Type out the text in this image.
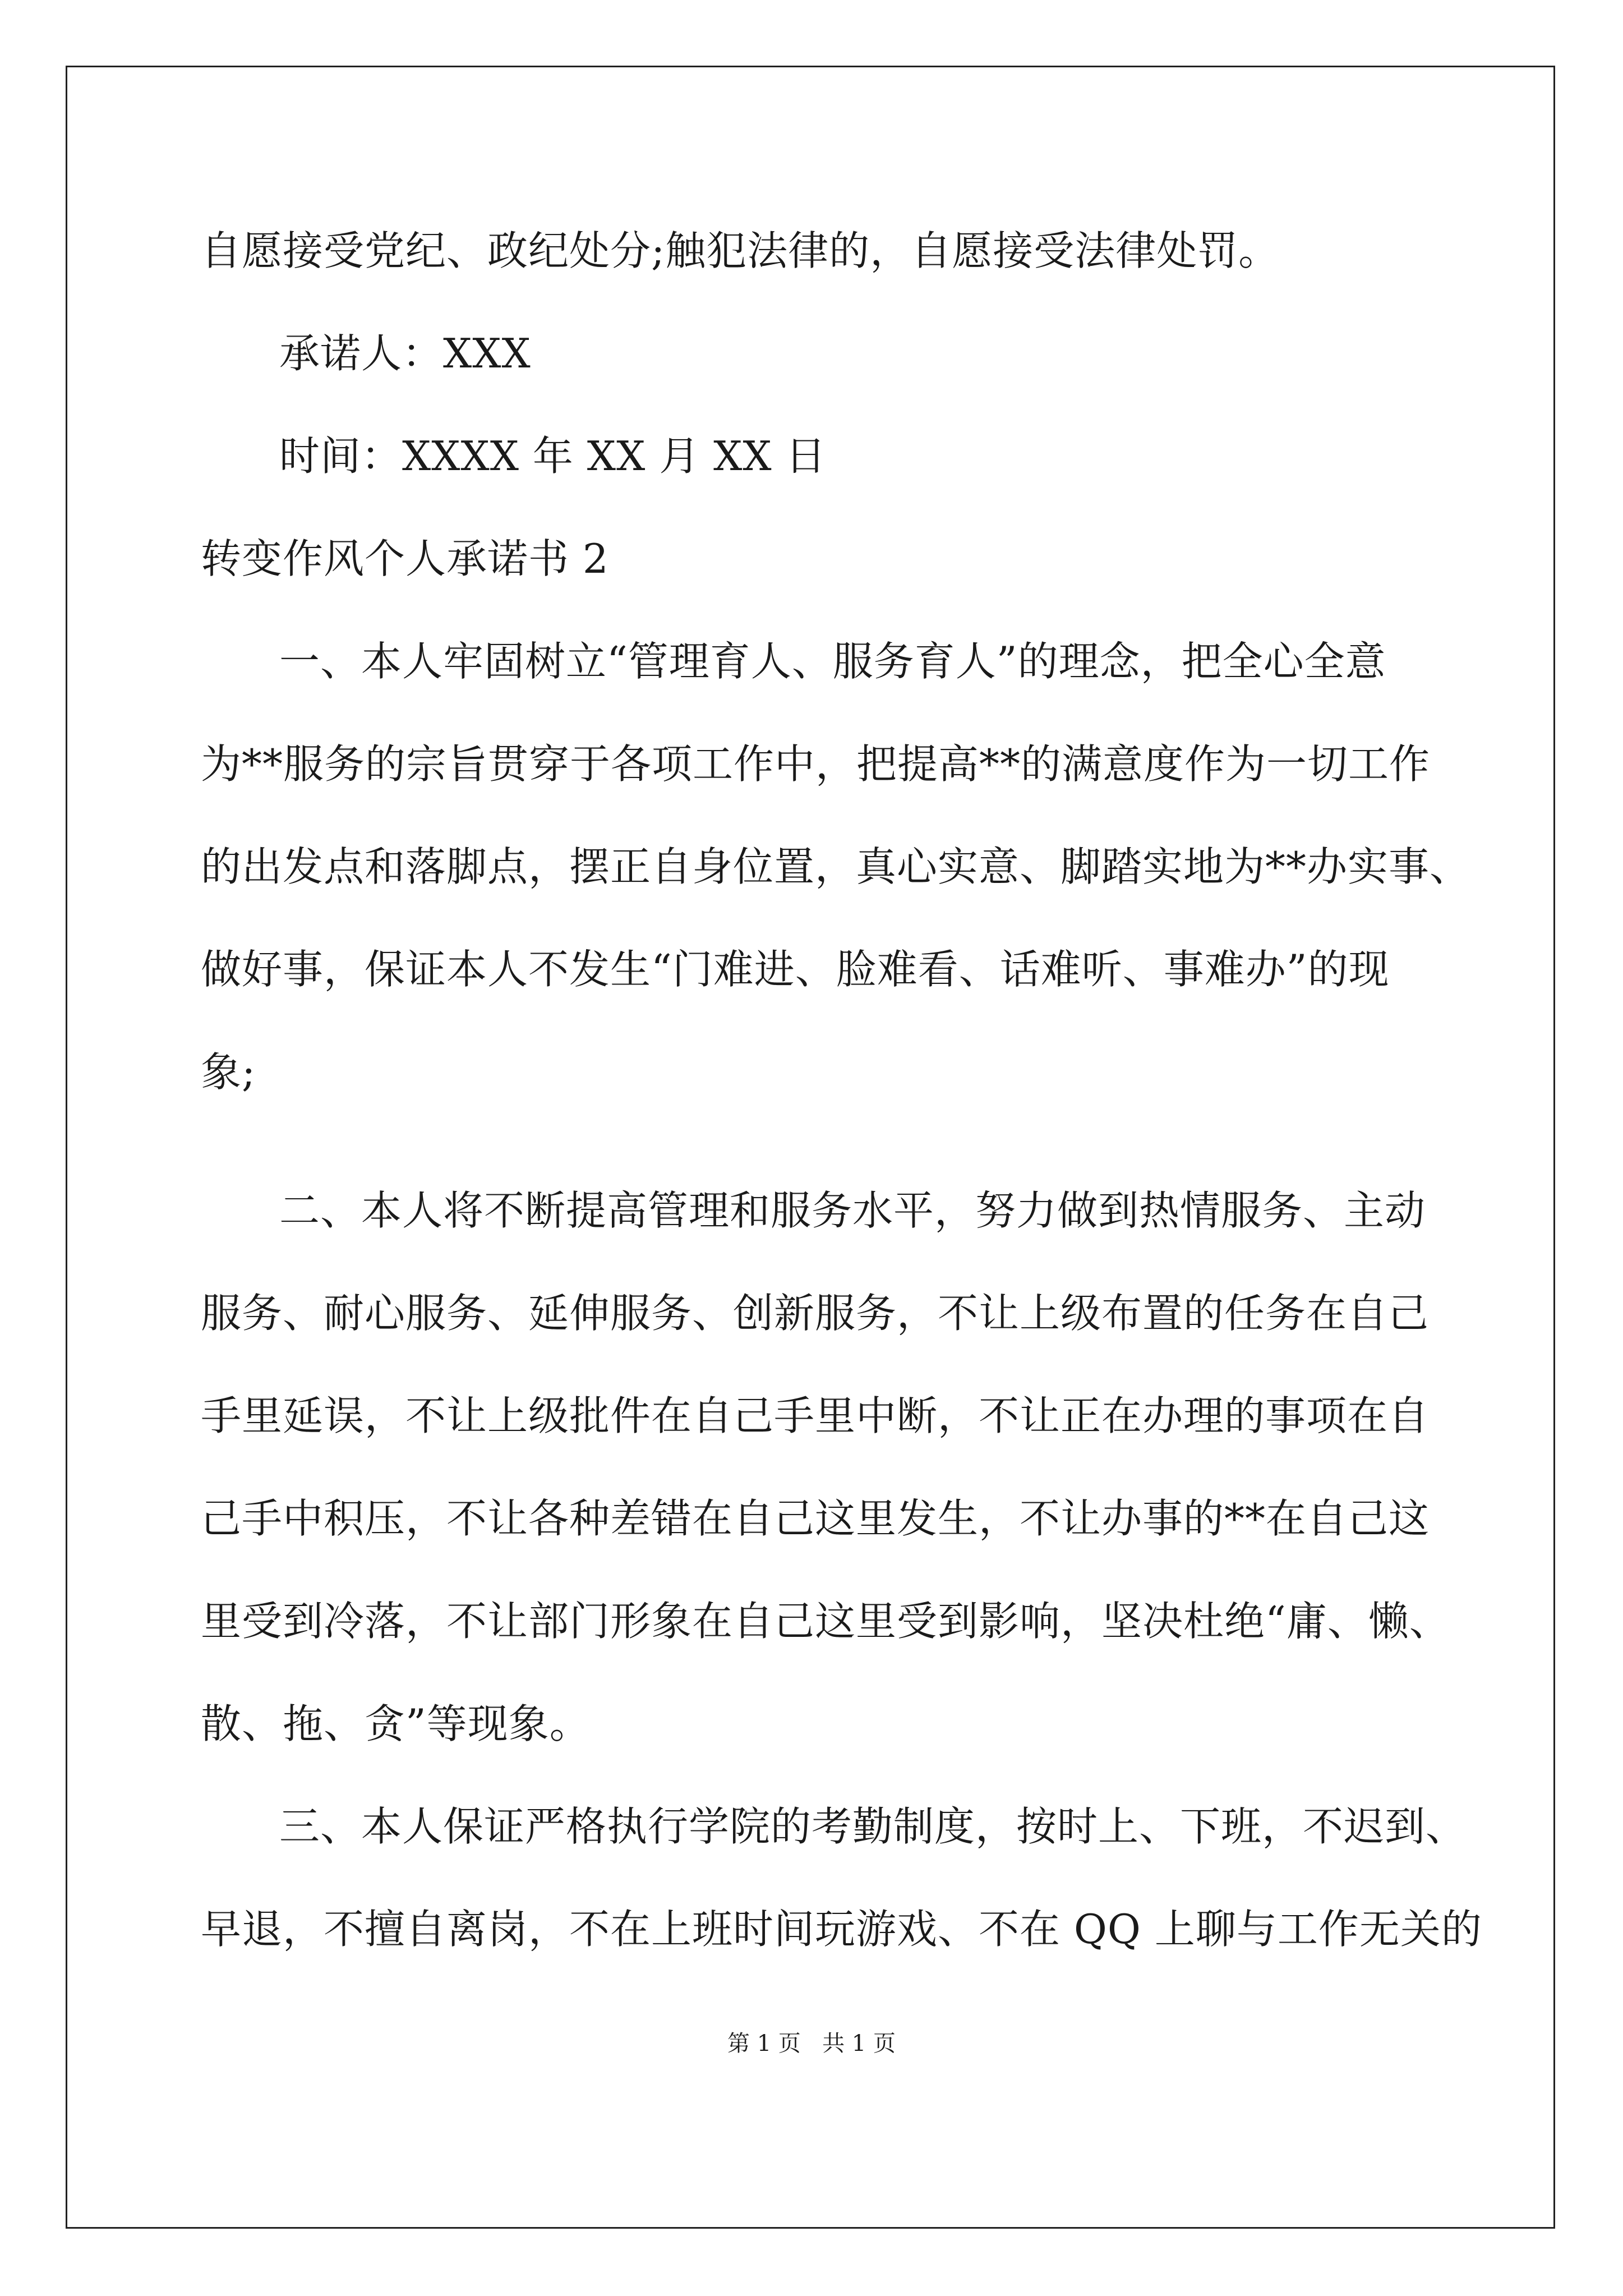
自愿接受党纪、政纪处分;触犯法律的，自愿接受法律处罚。
承诺人：XXX
时间：XXXX 年 XX 月 XX 日
转变作风个人承诺书 2
一、本人牢固树立“管理育人、服务育人”的理念，把全心全意
为**服务的宗旨贯穿于各项工作中，把提高**的满意度作为一切工作
的出发点和落脚点，摆正自身位置，真心实意、脚踏实地为**办实事、
做好事，保证本人不发生“门难进、脸难看、话难听、事难办”的现
象;
二、本人将不断提高管理和服务水平，努力做到热情服务、主动
服务、耐心服务、延伸服务、创新服务，不让上级布置的任务在自己
手里延误，不让上级批件在自己手里中断，不让正在办理的事项在自
己手中积压，不让各种差错在自己这里发生，不让办事的**在自己这
里受到冷落，不让部门形象在自己这里受到影响，坚决杜绝“庸、懒、
散、拖、贪”等现象。
三、本人保证严格执行学院的考勤制度，按时上、下班，不迟到、
早退，不擅自离岗，不在上班时间玩游戏、不在 QQ 上聊与工作无关的
第 1 页   共 1 页
